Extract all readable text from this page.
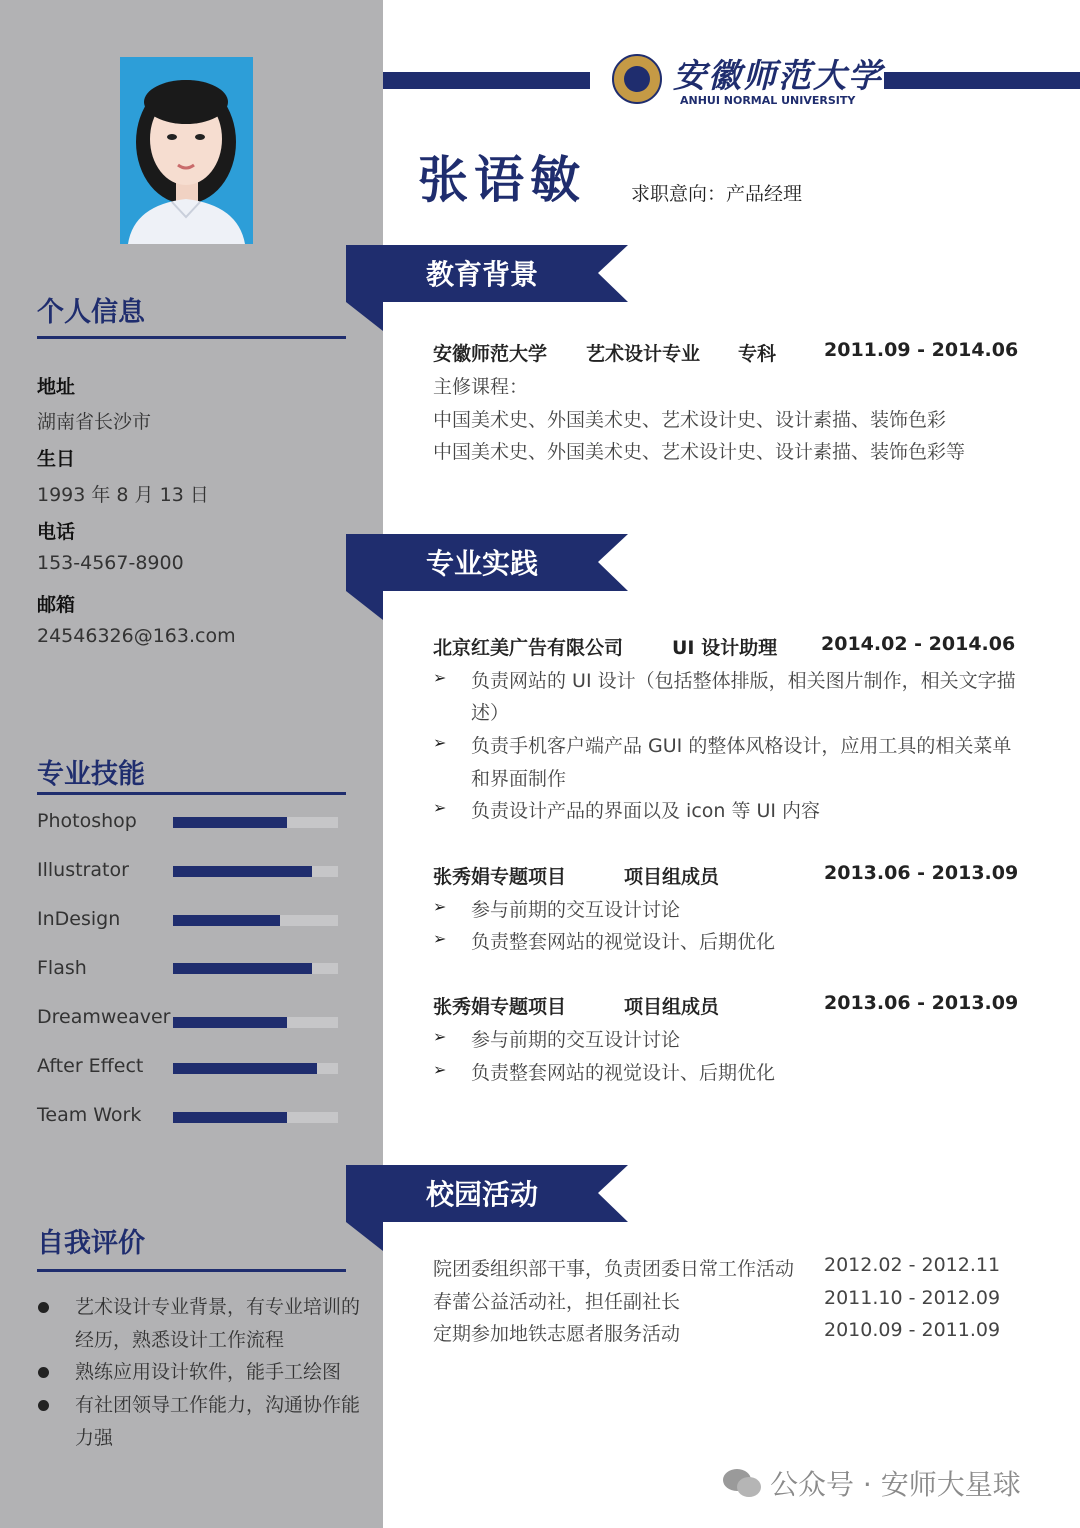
个人信息
地址
湖南省长沙市
生日
1993 年 8 月 13 日
电话
153-4567-8900
邮箱
24546326@163.com
专业技能
Photoshop
Illustrator
InDesign
Flash
Dreamweaver
After Effect
Team Work
自我评价
艺术设计专业背景，有专业培训的经历，熟悉设计工作流程
熟练应用设计软件，能手工绘图
有社团领导工作能力，沟通协作能力强
安徽师范大学
ANHUI NORMAL UNIVERSITY
张语敏 求职意向：产品经理
教育背景
安徽师范大学 艺术设计专业 专科	2011.09 - 2014.06
主修课程：
中国美术史、外国美术史、艺术设计史、设计素描、装饰色彩
中国美术史、外国美术史、艺术设计史、设计素描、装饰色彩等
专业实践
北京红美广告有限公司	UI 设计助理 2014.02 - 2014.06
➢ 负责网站的 UI 设计（包括整体排版，相关图片制作，相关文字描
述）
➢ 负责手机客户端产品 GUI 的整体风格设计，应用工具的相关菜单
和界面制作
➢ 负责设计产品的界面以及 icon 等 UI 内容
张秀娟专题项目	项目组成员	2013.06 - 2013.09
➢ 参与前期的交互设计讨论
➢ 负责整套网站的视觉设计、后期优化
张秀娟专题项目	项目组成员	2013.06 - 2013.09
➢ 参与前期的交互设计讨论
➢ 负责整套网站的视觉设计、后期优化
校园活动
院团委组织部干事，负责团委日常工作活动 2012.02 - 2012.11
春蕾公益活动社，担任副社长	2011.10 - 2012.09
定期参加地铁志愿者服务活动	2010.09 - 2011.09
公众号 · 安师大星球
